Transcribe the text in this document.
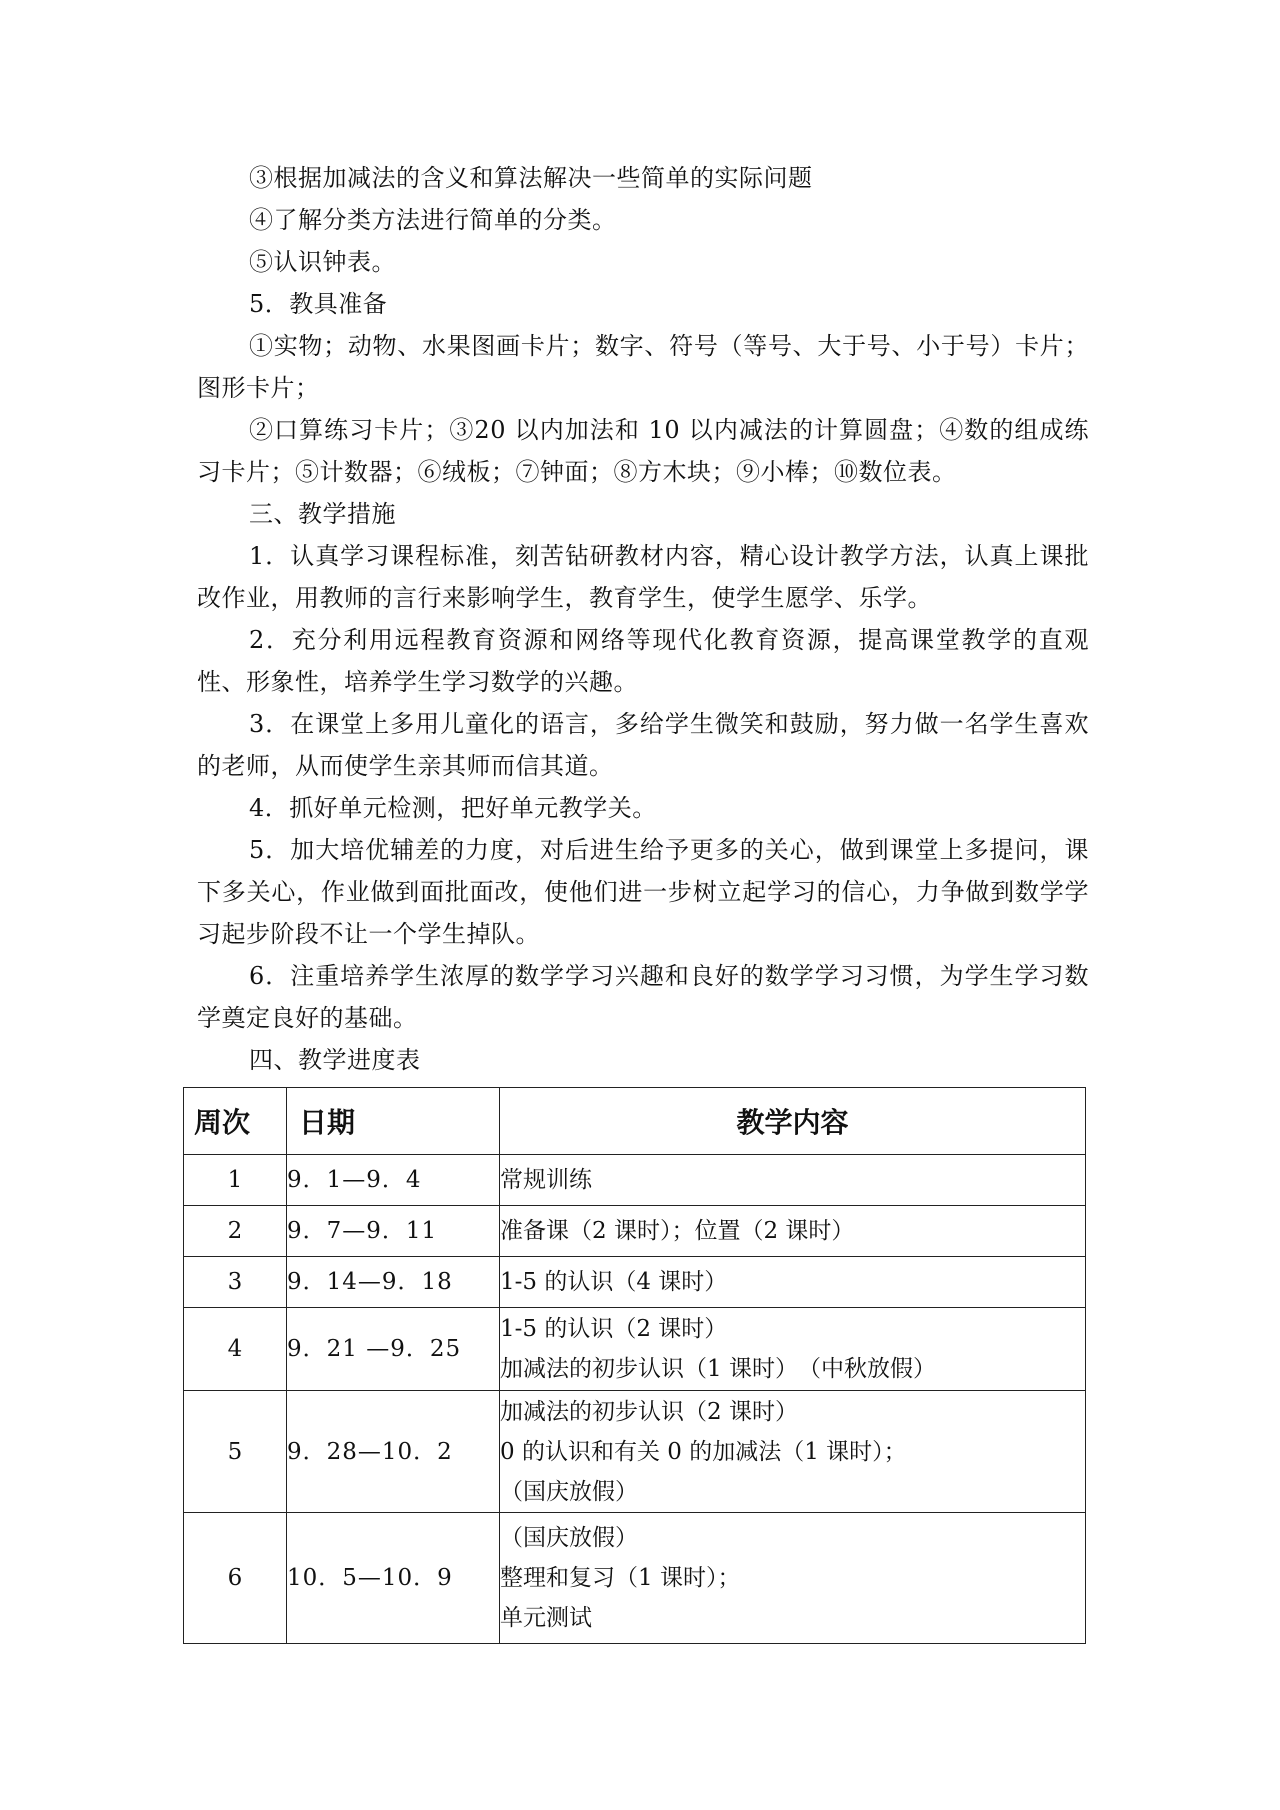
③根据加减法的含义和算法解决一些简单的实际问题

④了解分类方法进行简单的分类。

⑤认识钟表。

5．教具准备

①实物；动物、水果图画卡片；数字、符号（等号、大于号、小于号）卡片；图形卡片；

②口算练习卡片；③20 以内加法和 10 以内减法的计算圆盘；④数的组成练习卡片；⑤计数器；⑥绒板；⑦钟面；⑧方木块；⑨小棒；⑩数位表。

三、教学措施

1．认真学习课程标准，刻苦钻研教材内容，精心设计教学方法，认真上课批改作业，用教师的言行来影响学生，教育学生，使学生愿学、乐学。

2．充分利用远程教育资源和网络等现代化教育资源，提高课堂教学的直观性、形象性，培养学生学习数学的兴趣。

3．在课堂上多用儿童化的语言，多给学生微笑和鼓励，努力做一名学生喜欢的老师，从而使学生亲其师而信其道。

4．抓好单元检测，把好单元教学关。

5．加大培优辅差的力度，对后进生给予更多的关心，做到课堂上多提问，课下多关心，作业做到面批面改，使他们进一步树立起学习的信心，力争做到数学学习起步阶段不让一个学生掉队。

6．注重培养学生浓厚的数学学习兴趣和良好的数学学习习惯，为学生学习数学奠定良好的基础。

四、教学进度表

周次	日期	教学内容
1	9．1—9．4	常规训练

2	9．7—9．11	准备课（2 课时）；位置（2 课时）

3	9．14—9．18	1-5 的认识（4 课时）

4	9．21 —9．25	1-5 的认识（2 课时）
加减法的初步认识（1 课时）　（中秋放假）

5	9．28—10．2	加减法的初步认识（2 课时）
0 的认识和有关 0 的加减法（1 课时）；
（国庆放假）

6	10．5—10．9	（国庆放假）
整理和复习（1 课时）；
单元测试
